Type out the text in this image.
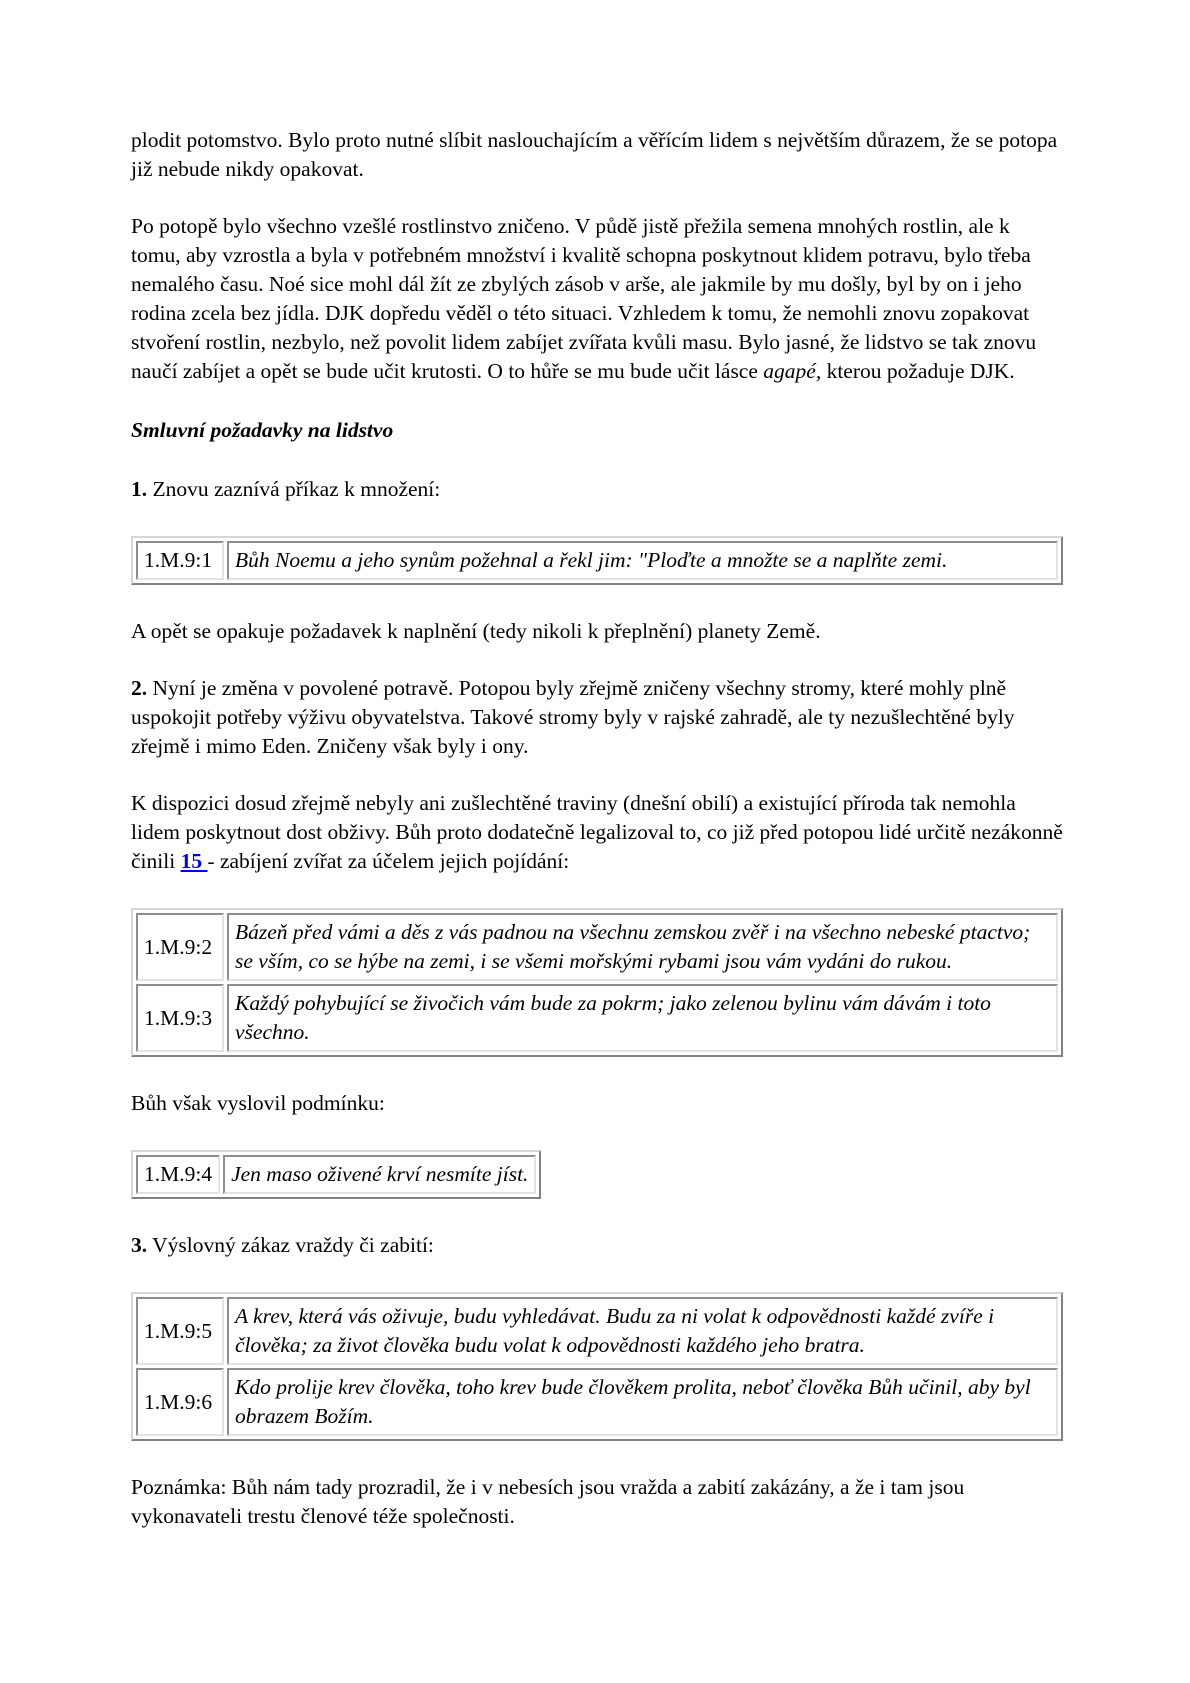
plodit potomstvo. Bylo proto nutné slíbit naslouchajícím a věřícím lidem s největším důrazem, že se potopa již nebude nikdy opakovat.

Po potopě bylo všechno vzešlé rostlinstvo zničeno. V půdě jistě přežila semena mnohých rostlin, ale k tomu, aby vzrostla a byla v potřebném množství i kvalitě schopna poskytnout klidem potravu, bylo třeba nemalého času. Noé sice mohl dál žít ze zbylých zásob v arše, ale jakmile by mu došly, byl by on i jeho rodina zcela bez jídla. DJK dopředu věděl o této situaci. Vzhledem k tomu, že nemohli znovu zopakovat stvoření rostlin, nezbylo, než povolit lidem zabíjet zvířata kvůli masu. Bylo jasné, že lidstvo se tak znovu naučí zabíjet a opět se bude učit krutosti. O to hůře se mu bude učit lásce agapé, kterou požaduje DJK.

Smluvní požadavky na lidstvo

1. Znovu zaznívá příkaz k množení:

1.M.9:1	Bůh Noemu a jeho synům požehnal a řekl jim: "Ploďte a množte se a naplňte zemi.

A opět se opakuje požadavek k naplnění (tedy nikoli k přeplnění) planety Země.

2. Nyní je změna v povolené potravě. Potopou byly zřejmě zničeny všechny stromy, které mohly plně uspokojit potřeby výživu obyvatelstva. Takové stromy byly v rajské zahradě, ale ty nezušlechtěné byly zřejmě i mimo Eden. Zničeny však byly i ony.

K dispozici dosud zřejmě nebyly ani zušlechtěné traviny (dnešní obilí) a existující příroda tak nemohla lidem poskytnout dost obživy. Bůh proto dodatečně legalizoval to, co již před potopou lidé určitě nezákonně činili 15 - zabíjení zvířat za účelem jejich pojídání:

1.M.9:2	Bázeň před vámi a děs z vás padnou na všechnu zemskou zvěř i na všechno nebeské ptactvo; se vším, co se hýbe na zemi, i se všemi mořskými rybami jsou vám vydáni do rukou.
1.M.9:3	Každý pohybující se živočich vám bude za pokrm; jako zelenou bylinu vám dávám i toto všechno.

Bůh však vyslovil podmínku:

1.M.9:4	Jen maso oživené krví nesmíte jíst.

3. Výslovný zákaz vraždy či zabití:

1.M.9:5	A krev, která vás oživuje, budu vyhledávat. Budu za ni volat k odpovědnosti každé zvíře i člověka; za život člověka budu volat k odpovědnosti každého jeho bratra.
1.M.9:6	Kdo prolije krev člověka, toho krev bude člověkem prolita, neboť člověka Bůh učinil, aby byl obrazem Božím.

Poznámka: Bůh nám tady prozradil, že i v nebesích jsou vražda a zabití zakázány, a že i tam jsou vykonavateli trestu členové téže společnosti.
